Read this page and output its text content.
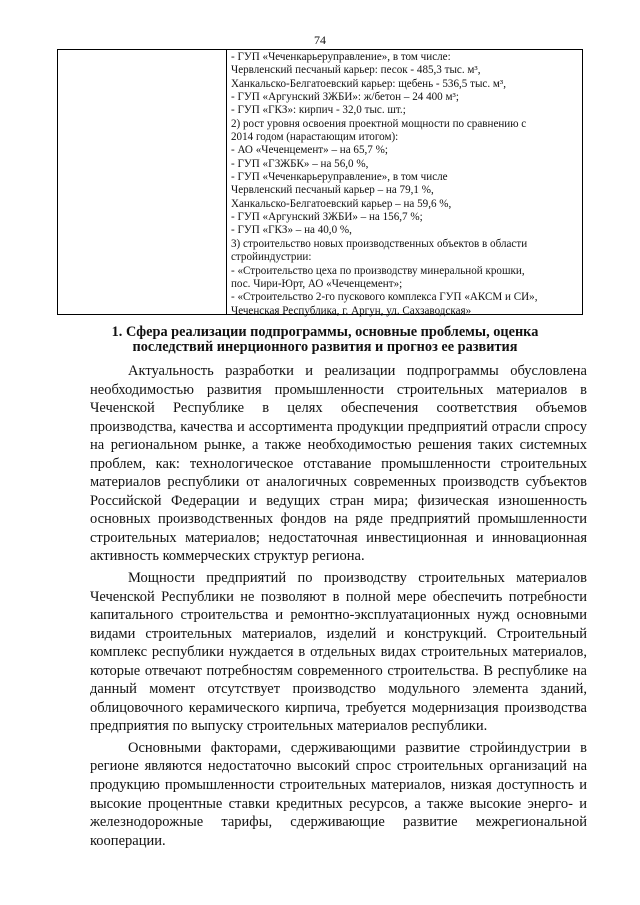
74
- ГУП «Чеченкарьеруправление», в том числе:
Червленский песчаный карьер: песок - 485,3 тыс. м³,
Ханкальско-Белгатоевский карьер: щебень - 536,5 тыс. м³,
- ГУП «Аргунский ЗЖБИ»: ж/бетон – 24 400 м³;
- ГУП «ГКЗ»: кирпич - 32,0 тыс. шт.;
2) рост уровня освоения проектной мощности по сравнению с
2014 годом (нарастающим итогом):
- АО «Чеченцемент» – на 65,7 %;
- ГУП «ГЗЖБК» – на 56,0 %,
- ГУП «Чеченкарьеруправление», в том числе
Червленский песчаный карьер – на 79,1 %,
Ханкальско-Белгатоевский карьер – на 59,6 %,
- ГУП «Аргунский ЗЖБИ» – на 156,7 %;
- ГУП «ГКЗ» – на 40,0 %,
3) строительство новых производственных объектов в области
стройиндустрии:
- «Строительство цеха по производству минеральной крошки,
пос. Чири-Юрт, АО «Чеченцемент»;
- «Строительство 2-го пускового комплекса ГУП «АКСМ и СИ»,
Чеченская Республика, г. Аргун, ул. Сахзаводская»
1. Сфера реализации подпрограммы, основные проблемы, оценка
последствий инерционного развития и прогноз ее развития

Актуальность разработки и реализации подпрограммы обусловлена необходимостью развития промышленности строительных материалов в Чеченской Республике в целях обеспечения соответствия объемов производства, качества и ассортимента продукции предприятий отрасли спросу на региональном рынке, а также необходимостью решения таких системных проблем, как: технологическое отставание промышленности строительных материалов республики от аналогичных современных производств субъектов Российской Федерации и ведущих стран мира; физическая изношенность основных производственных фондов на ряде предприятий промышленности строительных материалов; недостаточная инвестиционная и инновационная активность коммерческих структур региона.

Мощности предприятий по производству строительных материалов Чеченской Республики не позволяют в полной мере обеспечить потребности капитального строительства и ремонтно-эксплуатационных нужд основными видами строительных материалов, изделий и конструкций. Строительный комплекс республики нуждается в отдельных видах строительных материалов, которые отвечают потребностям современного строительства. В республике на данный момент отсутствует производство модульного элемента зданий, облицовочного керамического кирпича, требуется модернизация производства предприятия по выпуску строительных материалов республики.

Основными факторами, сдерживающими развитие стройиндустрии в регионе являются недостаточно высокий спрос строительных организаций на продукцию промышленности строительных материалов, низкая доступность и высокие процентные ставки кредитных ресурсов, а также высокие энерго- и железнодорожные тарифы, сдерживающие развитие межрегиональной кооперации.
